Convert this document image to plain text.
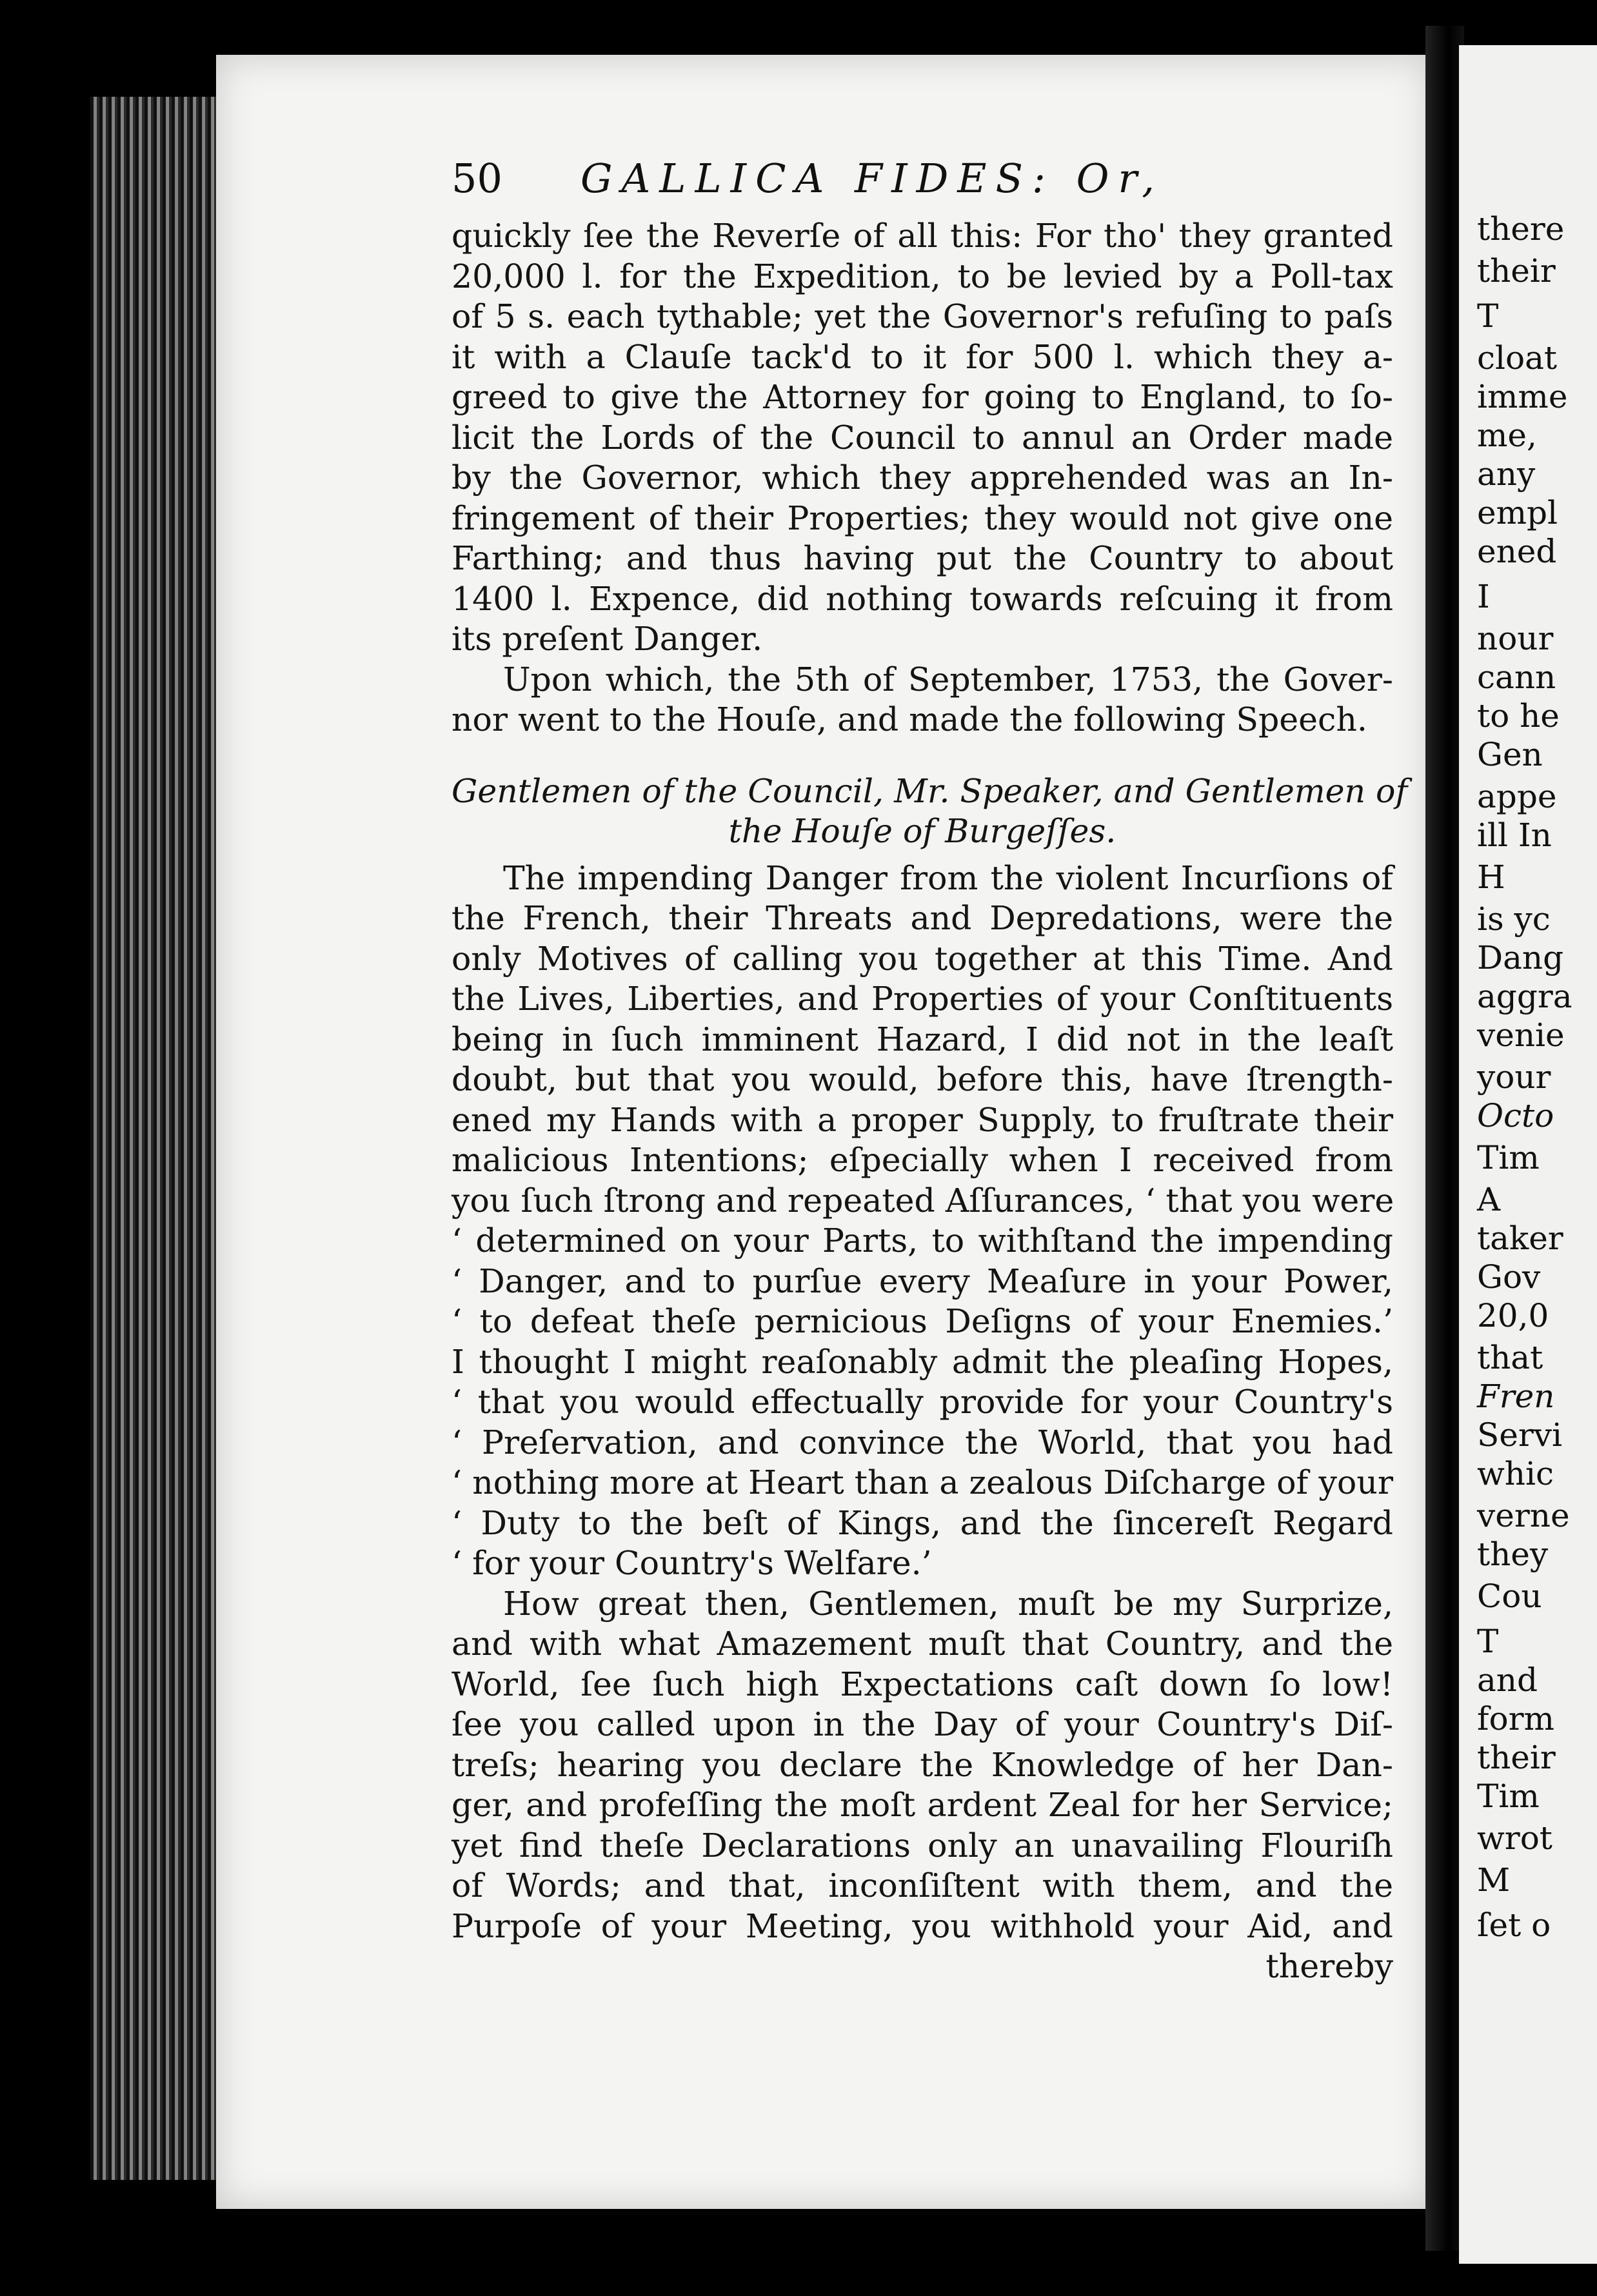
there
their
T
cloat
imme
me,
any
empl
ened
I
nour
cann
to he
Gen
appe
ill In
H
is yc
Dang
aggra
venie
your
Octo
Tim
A
taker
Gov
20,0
that
Fren
Servi
whic
verne
they
Cou
T
and
form
their
Tim
wrot
M
ſet o
50 GALLICA FIDES: Or,
quickly ſee the Reverſe of all this: For tho' they granted
20,000 l. for the Expedition, to be levied by a Poll-tax
of 5 s. each tythable; yet the Governor's refuſing to paſs
it with a Clauſe tack'd to it for 500 l. which they a-
greed to give the Attorney for going to England, to ſo-
licit the Lords of the Council to annul an Order made
by the Governor, which they apprehended was an In-
fringement of their Properties; they would not give one
Farthing; and thus having put the Country to about
1400 l. Expence, did nothing towards reſcuing it from
its preſent Danger.
Upon which, the 5th of September, 1753, the Gover-
nor went to the Houſe, and made the following Speech.
Gentlemen of the Council, Mr. Speaker, and Gentlemen of
the Houſe of Burgeſſes.
The impending Danger from the violent Incurſions of
the French, their Threats and Depredations, were the
only Motives of calling you together at this Time. And
the Lives, Liberties, and Properties of your Conſtituents
being in ſuch imminent Hazard, I did not in the leaſt
doubt, but that you would, before this, have ſtrength-
ened my Hands with a proper Supply, to fruſtrate their
malicious Intentions; eſpecially when I received from
you ſuch ſtrong and repeated Aſſurances, ‘ that you were
‘ determined on your Parts, to withſtand the impending
‘ Danger, and to purſue every Meaſure in your Power,
‘ to defeat theſe pernicious Deſigns of your Enemies.’
I thought I might reaſonably admit the pleaſing Hopes,
‘ that you would effectually provide for your Country's
‘ Preſervation, and convince the World, that you had
‘ nothing more at Heart than a zealous Diſcharge of your
‘ Duty to the beſt of Kings, and the ſincereſt Regard
‘ for your Country's Welfare.’
How great then, Gentlemen, muſt be my Surprize,
and with what Amazement muſt that Country, and the
World, ſee ſuch high Expectations caſt down ſo low!
ſee you called upon in the Day of your Country's Diſ-
treſs; hearing you declare the Knowledge of her Dan-
ger, and profeſſing the moſt ardent Zeal for her Service;
yet find theſe Declarations only an unavailing Flouriſh
of Words; and that, inconſiſtent with them, and the
Purpoſe of your Meeting, you withhold your Aid, and
thereby
